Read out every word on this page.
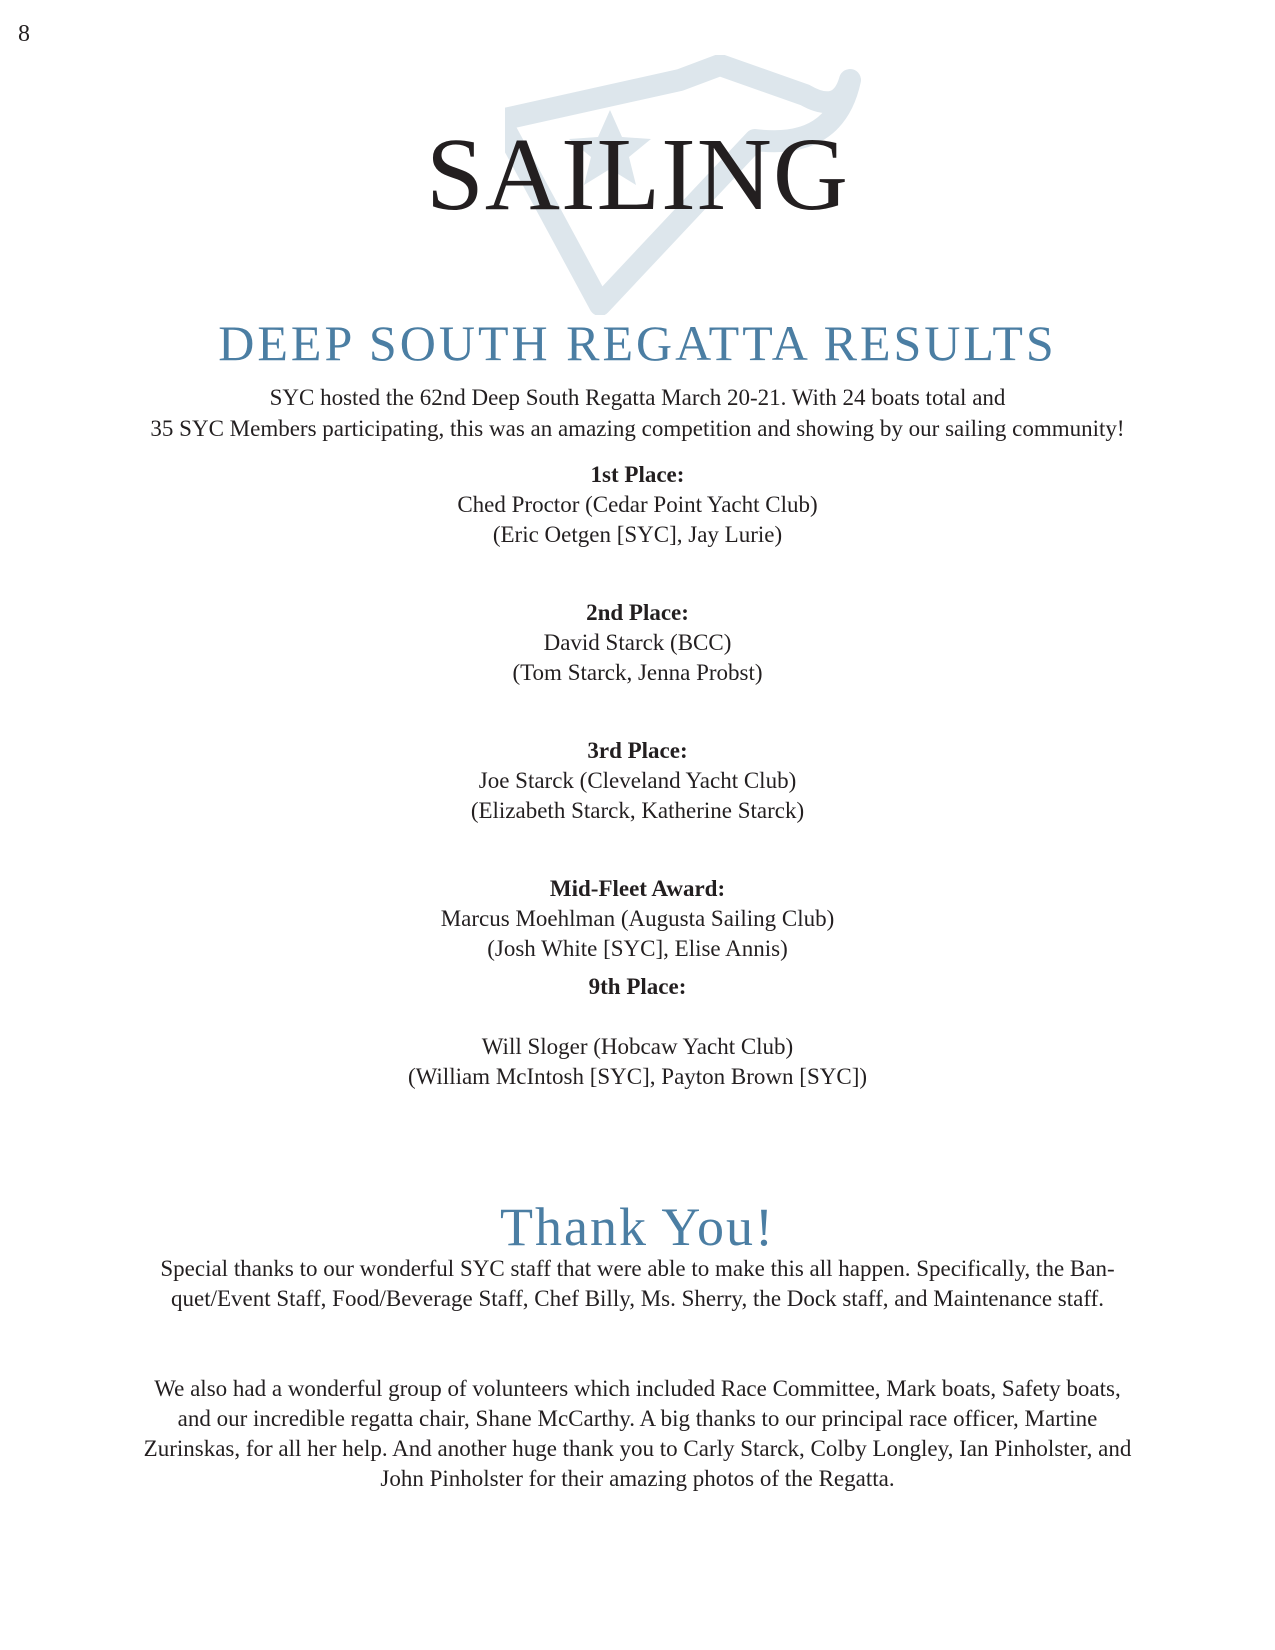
8
SAILING
DEEP SOUTH REGATTA RESULTS

SYC hosted the 62nd Deep South Regatta March 20-21. With 24 boats total and
35 SYC Members participating, this was an amazing competition and showing by our sailing community!

1st Place:
Ched Proctor (Cedar Point Yacht Club)
(Eric Oetgen [SYC], Jay Lurie)
2nd Place:
David Starck (BCC)
(Tom Starck, Jenna Probst)
3rd Place:
Joe Starck (Cleveland Yacht Club)
(Elizabeth Starck, Katherine Starck)
Mid-Fleet Award:
Marcus Moehlman (Augusta Sailing Club)
(Josh White [SYC], Elise Annis)
9th Place:
Will Sloger (Hobcaw Yacht Club)
(William McIntosh [SYC], Payton Brown [SYC])
Thank You!

Special thanks to our wonderful SYC staff that were able to make this all happen. Specifically, the Ban-
quet/Event Staff, Food/Beverage Staff, Chef Billy, Ms. Sherry, the Dock staff, and Maintenance staff.

We also had a wonderful group of volunteers which included Race Committee, Mark boats, Safety boats,
and our incredible regatta chair, Shane McCarthy. A big thanks to our principal race officer, Martine
Zurinskas, for all her help. And another huge thank you to Carly Starck, Colby Longley, Ian Pinholster, and
John Pinholster for their amazing photos of the Regatta.
